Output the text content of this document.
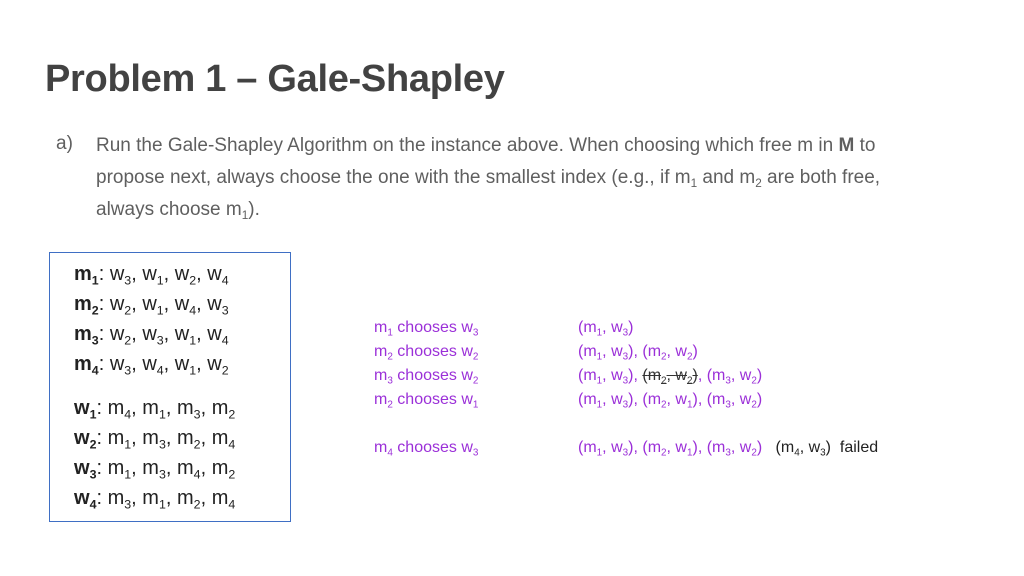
Problem 1 – Gale-Shapley
a) Run the Gale-Shapley Algorithm on the instance above. When choosing which free m in M to
propose next, always choose the one with the smallest index (e.g., if $m_1$ and $m_2$ are both free,
always choose $m_1$).
$m_1$: $w_3$, $w_1$, $w_2$, $w_4$
$m_2$: $w_2$, $w_1$, $w_4$, $w_3$
$m_3$: $w_2$, $w_3$, $w_1$, $w_4$
$m_4$: $w_3$, $w_4$, $w_1$, $w_2$
$w_1$: $m_4$, $m_1$, $m_3$, $m_2$
$w_2$: $m_1$, $m_3$, $m_2$, $m_4$
$w_3$: $m_1$, $m_3$, $m_4$, $m_2$
$w_4$: $m_3$, $m_1$, $m_2$, $m_4$
$m_1$ chooses $w_3$	($m_1$, $w_3$)
$m_2$ chooses $w_2$	($m_1$, $w_3$), ($m_2$, $w_2$)
$m_3$ chooses $w_2$	($m_1$, $w_3$), ($m_2$, $w_2$), ($m_3$, $w_2$)
$m_2$ chooses $w_1$	($m_1$, $w_3$), ($m_2$, $w_1$), ($m_3$, $w_2$)
$m_4$ chooses $w_3$	($m_1$, $w_3$), ($m_2$, $w_1$), ($m_3$, $w_2$)   ($m_4$, $w_3$)  failed
